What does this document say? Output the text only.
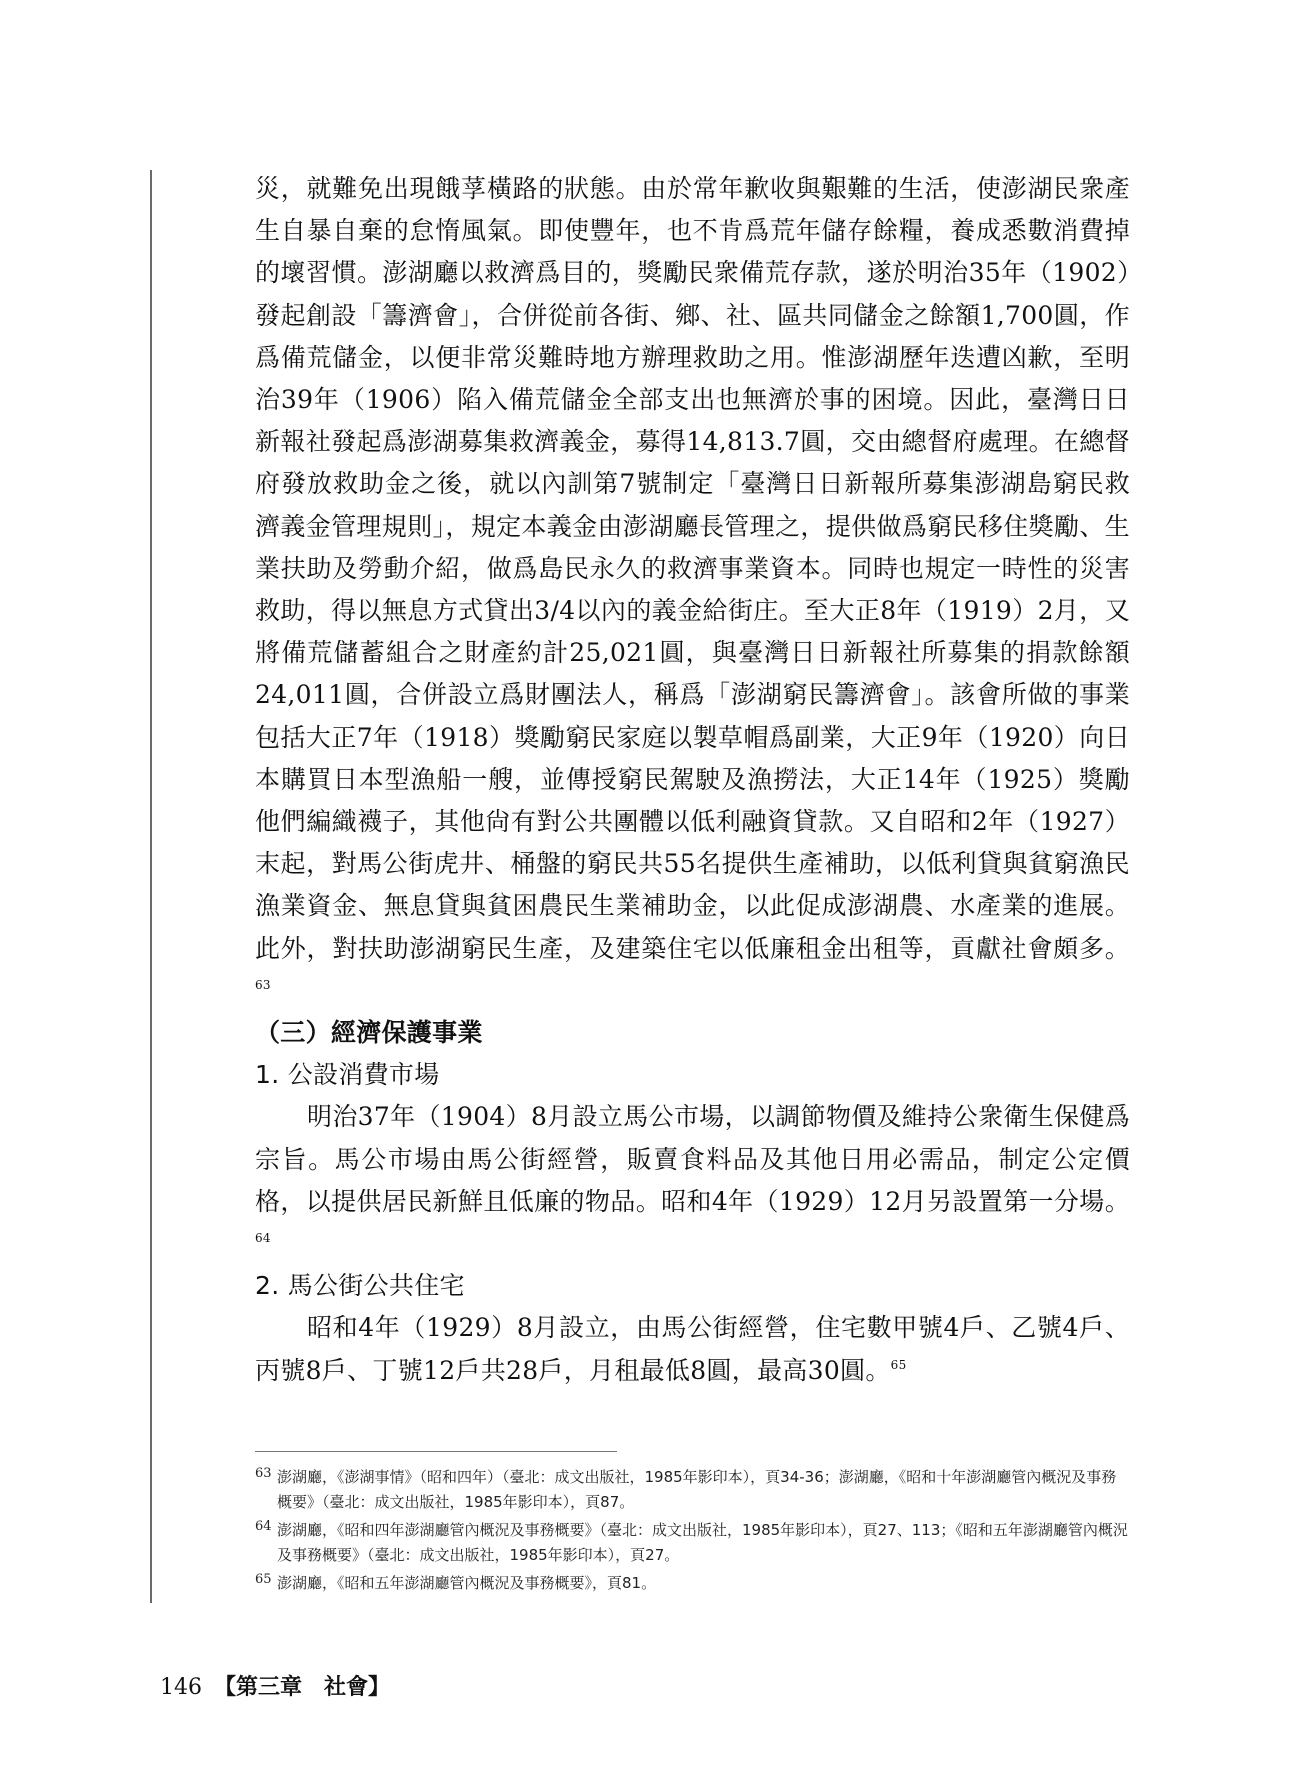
災，就難免出現餓莩橫路的狀態。由於常年歉收與艱難的生活，使澎湖民衆產生自暴自棄的怠惰風氣。即使豐年，也不肯爲荒年儲存餘糧，養成悉數消費掉的壞習慣。澎湖廳以救濟爲目的，獎勵民衆備荒存款，遂於明治35年（1902）發起創設「籌濟會」，合併從前各街、鄉、社、區共同儲金之餘額1,700圓，作爲備荒儲金，以便非常災難時地方辦理救助之用。惟澎湖歷年迭遭凶歉，至明治39年（1906）陷入備荒儲金全部支出也無濟於事的困境。因此，臺灣日日新報社發起爲澎湖募集救濟義金，募得14,813.7圓，交由總督府處理。在總督府發放救助金之後，就以內訓第7號制定「臺灣日日新報所募集澎湖島窮民救濟義金管理規則」，規定本義金由澎湖廳長管理之，提供做爲窮民移住獎勵、生業扶助及勞動介紹，做爲島民永久的救濟事業資本。同時也規定一時性的災害救助，得以無息方式貸出3/4以內的義金給街庄。至大正8年（1919）2月，又將備荒儲蓄組合之財產約計25,021圓，與臺灣日日新報社所募集的捐款餘額24,011圓，合併設立爲財團法人，稱爲「澎湖窮民籌濟會」。該會所做的事業包括大正7年（1918）獎勵窮民家庭以製草帽爲副業，大正9年（1920）向日本購買日本型漁船一艘，並傳授窮民駕駛及漁撈法，大正14年（1925）獎勵他們編織襪子，其他尙有對公共團體以低利融資貸款。又自昭和2年（1927）末起，對馬公街虎井、桶盤的窮民共55名提供生產補助，以低利貸與貧窮漁民漁業資金、無息貸與貧困農民生業補助金，以此促成澎湖農、水產業的進展。此外，對扶助澎湖窮民生產，及建築住宅以低廉租金出租等，貢獻社會頗多。$^{63}$

（三）經濟保護事業

1. 公設消費市場

明治37年（1904）8月設立馬公市場，以調節物價及維持公衆衛生保健爲宗旨。馬公市場由馬公街經營，販賣食料品及其他日用必需品，制定公定價格，以提供居民新鮮且低廉的物品。昭和4年（1929）12月另設置第一分場。$^{64}$

2. 馬公街公共住宅

昭和4年（1929）8月設立，由馬公街經營，住宅數甲號4戶、乙號4戶、丙號8戶、丁號12戶共28戶，月租最低8圓，最高30圓。$^{65}$

63 澎湖廳，《澎湖事情》（昭和四年）（臺北：成文出版社，1985年影印本），頁34-36；澎湖廳，《昭和十年澎湖廳管內概況及事務概要》（臺北：成文出版社，1985年影印本），頁87。
64 澎湖廳，《昭和四年澎湖廳管內概況及事務概要》（臺北：成文出版社，1985年影印本），頁27、113；《昭和五年澎湖廳管內概況及事務概要》（臺北：成文出版社，1985年影印本），頁27。
65 澎湖廳，《昭和五年澎湖廳管內概況及事務概要》，頁81。
146 【第三章　社會】
